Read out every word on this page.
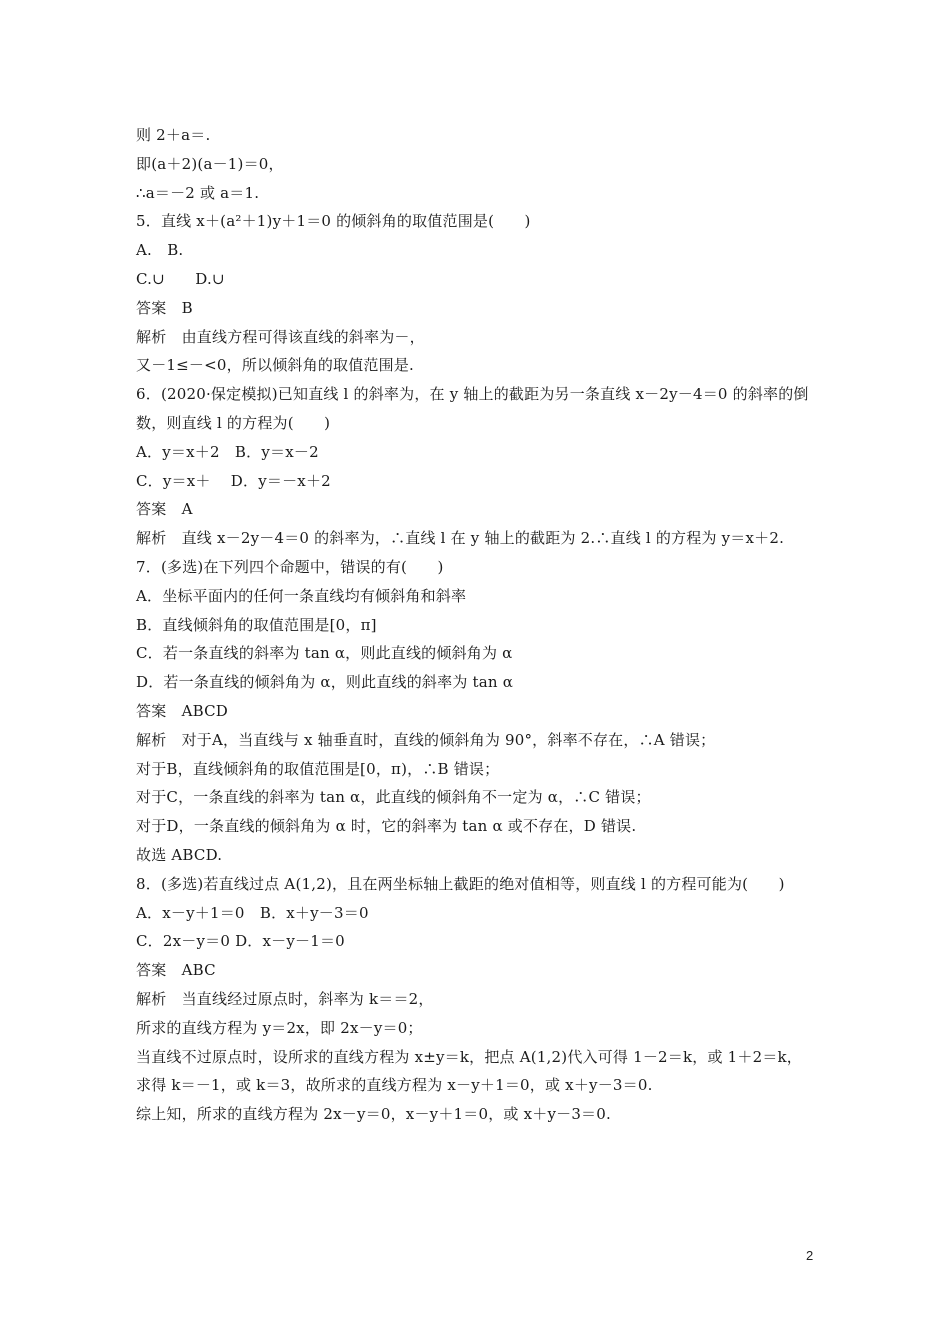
则 2＋a＝.
即(a＋2)(a－1)＝0，
∴a＝－2 或 a＝1.
5．直线 x＋(a²＋1)y＋1＝0 的倾斜角的取值范围是(　　)
A.　B.
C.∪　　D.∪
答案　B
解析　由直线方程可得该直线的斜率为－，
又－1≤－<0，所以倾斜角的取值范围是.
6．(2020·保定模拟)已知直线 l 的斜率为，在 y 轴上的截距为另一条直线 x－2y－4＝0 的斜率的倒数，则直线 l 的方程为(　　)
A．y＝x＋2　B．y＝x－2
C．y＝x＋　 D．y＝－x＋2
答案　A
解析　直线 x－2y－4＝0 的斜率为，∴直线 l 在 y 轴上的截距为 2.∴直线 l 的方程为 y＝x＋2.
7．(多选)在下列四个命题中，错误的有(　　)
A．坐标平面内的任何一条直线均有倾斜角和斜率
B．直线倾斜角的取值范围是[0，π]
C．若一条直线的斜率为 tan α，则此直线的倾斜角为 α
D．若一条直线的倾斜角为 α，则此直线的斜率为 tan α
答案　ABCD
解析　对于A，当直线与 x 轴垂直时，直线的倾斜角为 90°，斜率不存在，∴A 错误；
对于B，直线倾斜角的取值范围是[0，π)，∴B 错误；
对于C，一条直线的斜率为 tan α，此直线的倾斜角不一定为 α，∴C 错误；
对于D，一条直线的倾斜角为 α 时，它的斜率为 tan α 或不存在，D 错误.
故选 ABCD.
8．(多选)若直线过点 A(1,2)，且在两坐标轴上截距的绝对值相等，则直线 l 的方程可能为(　　)
A．x－y＋1＝0　B．x＋y－3＝0
C．2x－y＝0 D．x－y－1＝0
答案　ABC
解析　当直线经过原点时，斜率为 k＝＝2，
所求的直线方程为 y＝2x，即 2x－y＝0；
当直线不过原点时，设所求的直线方程为 x±y＝k，把点 A(1,2)代入可得 1－2＝k，或 1＋2＝k，
求得 k＝－1，或 k＝3，故所求的直线方程为 x－y＋1＝0，或 x＋y－3＝0.
综上知，所求的直线方程为 2x－y＝0，x－y＋1＝0，或 x＋y－3＝0.
2
